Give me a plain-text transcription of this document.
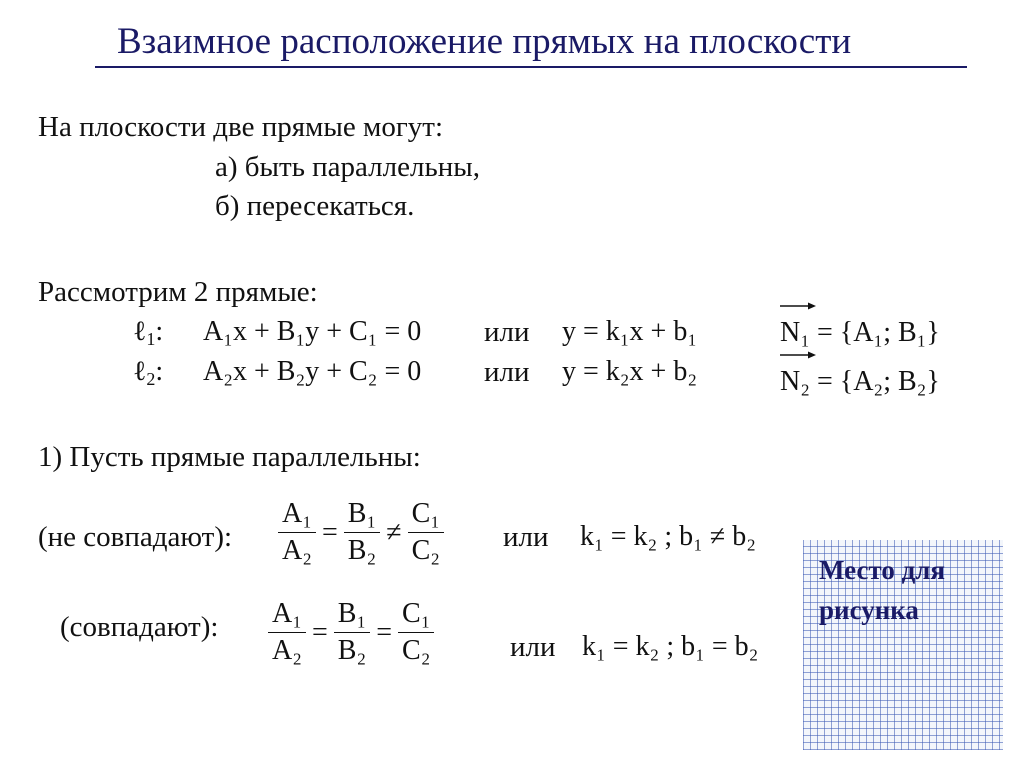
Взаимное расположение прямых на плоскости
На плоскости две прямые могут:
а) быть параллельны,
б) пересекаться.
Рассмотрим 2 прямые:
ℓ$_1$: A₁x + B₁y + C₁ = 0 или y = k₁x + b₁	N₁ = {A₁; B₁}
ℓ$_2$: A₂x + B₂y + C₂ = 0 или y = k₂x + b₂	N₂ = {A₂; B₂}
1) Пусть прямые параллельны:
(не совпадают): $\frac{\text{A₁}}{\text{A₂}} = \frac{\text{B₁}}{\text{B₂}} \ne \frac{\text{C₁}}{\text{C₂}}$ или k₁ = k₂ ; b₁ ≠ b₂
(совпадают): $\frac{\text{A₁}}{\text{A₂}} = \frac{\text{B₁}}{\text{B₂}} = \frac{\text{C₁}}{\text{C₂}}$	или k₁ = k₂ ; b₁ = b₂
Место для
рисунка
